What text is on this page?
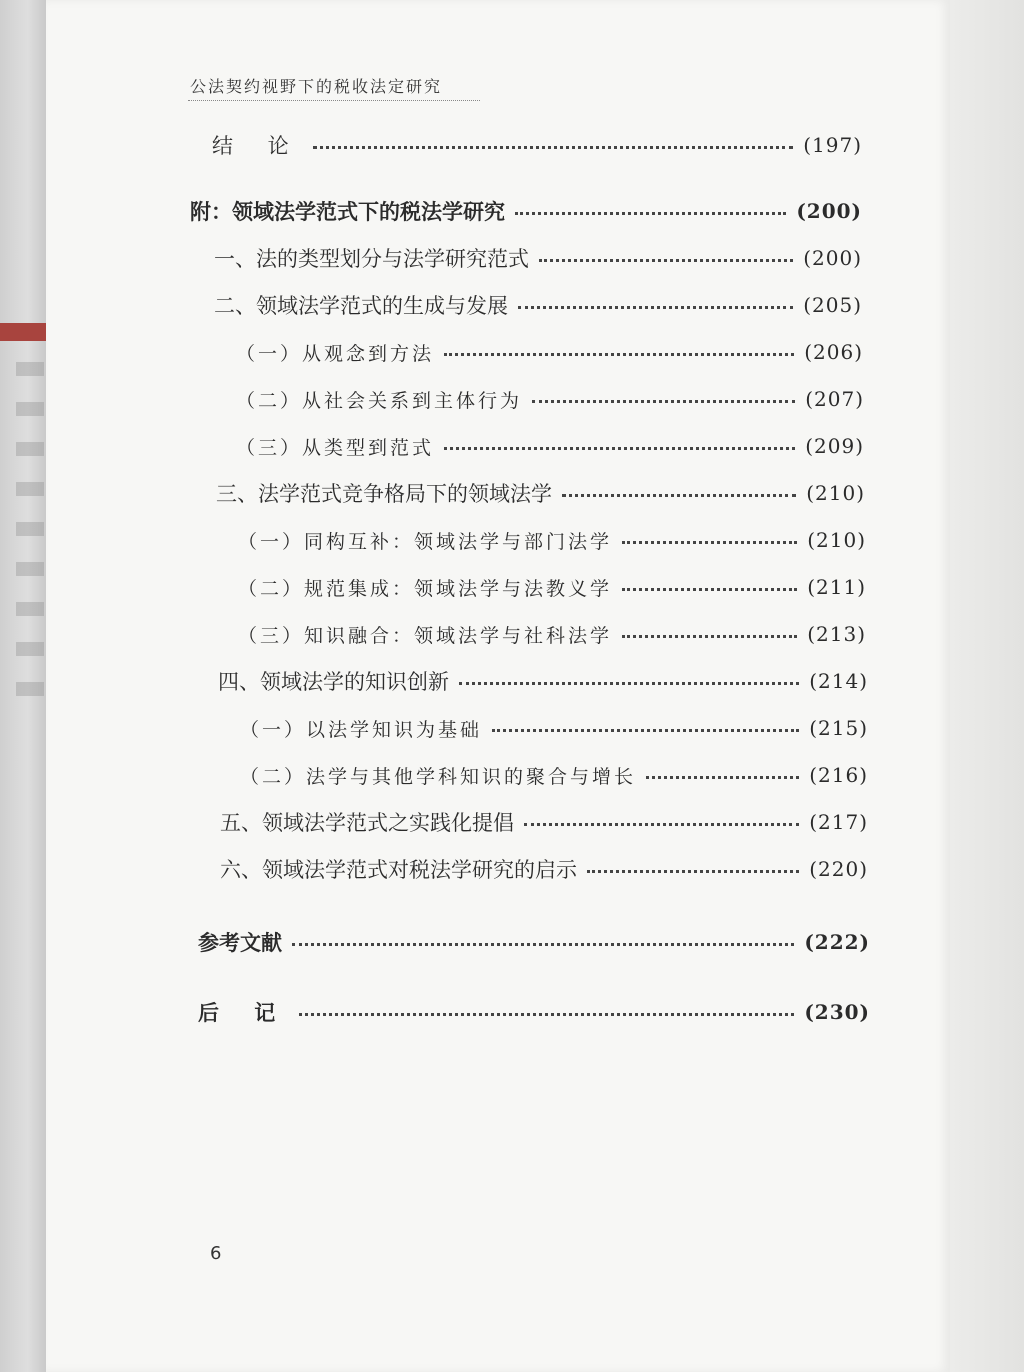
公法契约视野下的税收法定研究
结 论	(197)
附：领域法学范式下的税法学研究	(200)
一、法的类型划分与法学研究范式	(200)
二、领域法学范式的生成与发展	(205)
（一）从观念到方法	(206)
（二）从社会关系到主体行为	(207)
（三）从类型到范式	(209)
三、法学范式竞争格局下的领域法学	(210)
（一）同构互补：领域法学与部门法学	(210)
（二）规范集成：领域法学与法教义学	(211)
（三）知识融合：领域法学与社科法学	(213)
四、领域法学的知识创新	(214)
（一）以法学知识为基础	(215)
（二）法学与其他学科知识的聚合与增长	(216)
五、领域法学范式之实践化提倡	(217)
六、领域法学范式对税法学研究的启示	(220)
参考文献	(222)
后 记	(230)
6
